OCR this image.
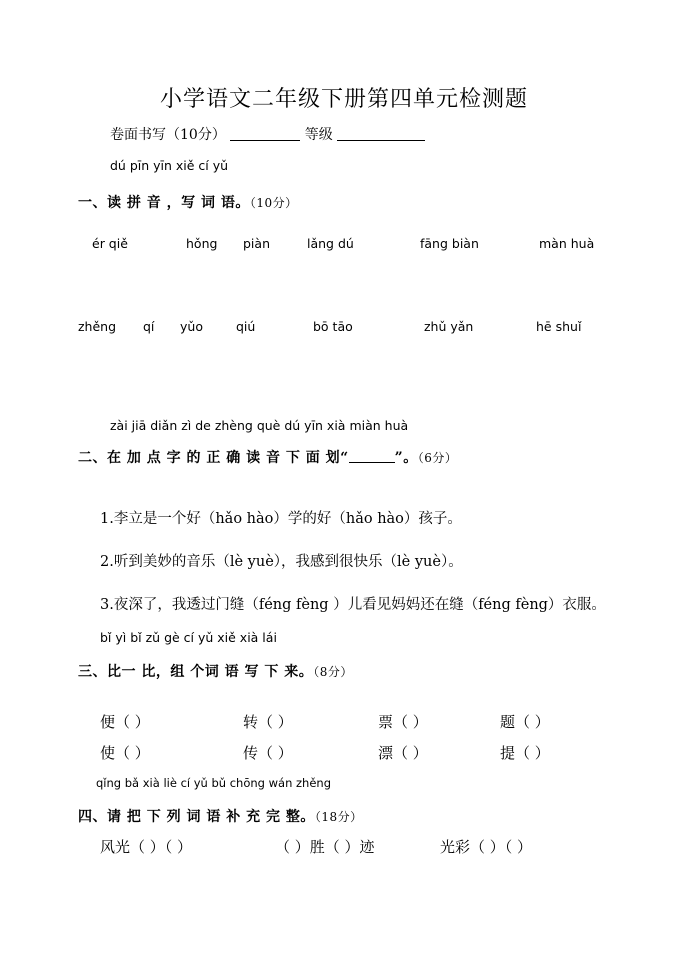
小学语文二年级下册第四单元检测题
卷面书写（10分）	等级
dú pīn yīn xiě cí yǔ
一、读 拼 音 ，写 词 语。（10分）
ér qiě	hǒng piàn	lǎng dú	fāng biàn	màn huà
zhěng qí yǔo	qiú	bō tāo	zhǔ yǎn	hē shuǐ
zài jiā diǎn zì de zhèng què dú yīn xià miàn huà
二、在 加 点 字 的 正 确 读 音 下 面 划“	”。（6分）
1.李立是一个好（hǎo hào）学的好（hǎo hào）孩子。
2.听到美妙的音乐（lè yuè），我感到很快乐（lè yuè）。
3.夜深了，我透过门缝（féng fèng ）儿看见妈妈还在缝（féng fèng）衣服。
bǐ yì bǐ zǔ gè cí yǔ xiě xià lái
三、比一 比，组 个词 语 写 下 来。（8分）
便（ ）	转（ ）	票（ ）	题（ ）
使（ ）	传（ ）	漂（ ）	提（ ）
qǐng bǎ xià liè cí yǔ bǔ chōng wán zhěng
四、请 把 下 列 词 语 补 充 完 整。（18分）
风光（ ）（ ）	（ ）胜（ ）迹	光彩（ ）（ ）
